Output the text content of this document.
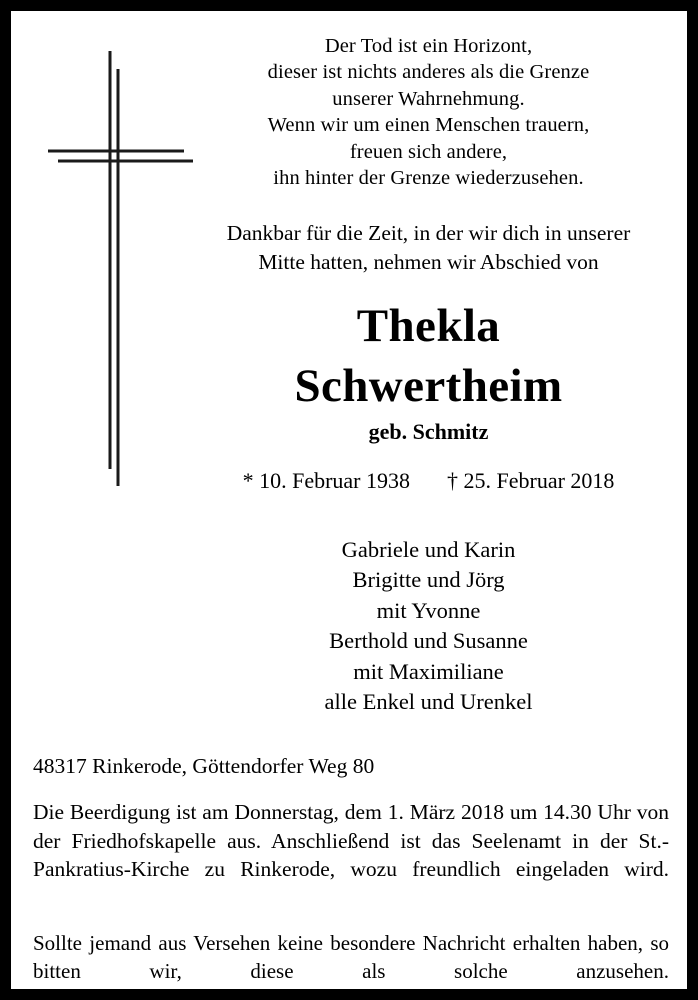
Der Tod ist ein Horizont,
dieser ist nichts anderes als die Grenze
unserer Wahrnehmung.
Wenn wir um einen Menschen trauern,
freuen sich andere,
ihn hinter der Grenze wiederzusehen.
Dankbar für die Zeit, in der wir dich in unserer
Mitte hatten, nehmen wir Abschied von
Thekla
Schwertheim
geb. Schmitz
* 10. Februar 1938 † 25. Februar 2018
Gabriele und Karin
Brigitte und Jörg
mit Yvonne
Berthold und Susanne
mit Maximiliane
alle Enkel und Urenkel
48317 Rinkerode, Göttendorfer Weg 80
Die Beerdigung ist am Donnerstag, dem 1. März 2018 um 14.30 Uhr von der Friedhofskapelle aus. Anschließend ist das Seelenamt in der St.-Pankratius-Kirche zu Rinkerode, wozu freundlich eingeladen wird.
Sollte jemand aus Versehen keine besondere Nachricht erhalten haben, so bitten wir, diese als solche anzusehen.
